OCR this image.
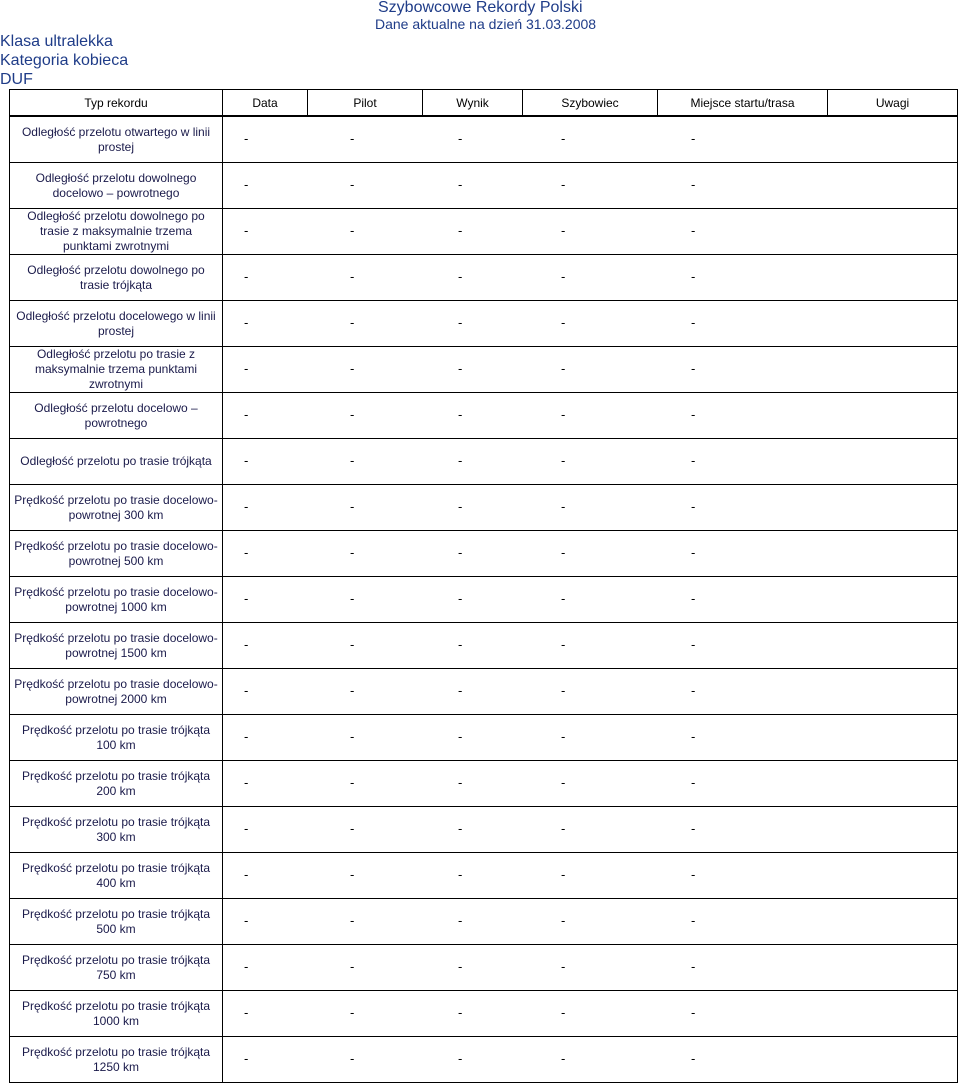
Szybowcowe Rekordy Polski
Dane aktualne na dzień 31.03.2008
Klasa ultralekka
Kategoria kobieca
DUF
Typ rekordu	Data	Pilot	Wynik	Szybowiec	Miejsce startu/trasa	Uwagi
Odległość przelotu otwartego w linii prostej	- - - - -					

Odległość przelotu dowolnego docelowo – powrotnego	- - - - -					

Odległość przelotu dowolnego po trasie z maksymalnie trzema punktami zwrotnymi	- - - - -					

Odległość przelotu dowolnego po trasie trójkąta	- - - - -					

Odległość przelotu docelowego w linii prostej	- - - - -					

Odległość przelotu po trasie z maksymalnie trzema punktami zwrotnymi	- - - - -					

Odległość przelotu docelowo – powrotnego	- - - - -					

Odległość przelotu po trasie trójkąta	- - - - -					

Prędkość przelotu po trasie docelowo-powrotnej 300 km	- - - - -					

Prędkość przelotu po trasie docelowo-powrotnej 500 km	- - - - -					

Prędkość przelotu po trasie docelowo-powrotnej 1000 km	- - - - -					

Prędkość przelotu po trasie docelowo-powrotnej 1500 km	- - - - -					

Prędkość przelotu po trasie docelowo-powrotnej 2000 km	- - - - -					

Prędkość przelotu po trasie trójkąta 100 km	- - - - -					

Prędkość przelotu po trasie trójkąta 200 km	- - - - -					

Prędkość przelotu po trasie trójkąta 300 km	- - - - -					

Prędkość przelotu po trasie trójkąta 400 km	- - - - -					

Prędkość przelotu po trasie trójkąta 500 km	- - - - -					

Prędkość przelotu po trasie trójkąta 750 km	- - - - -					

Prędkość przelotu po trasie trójkąta 1000 km	- - - - -					

Prędkość przelotu po trasie trójkąta 1250 km	- - - - -					
